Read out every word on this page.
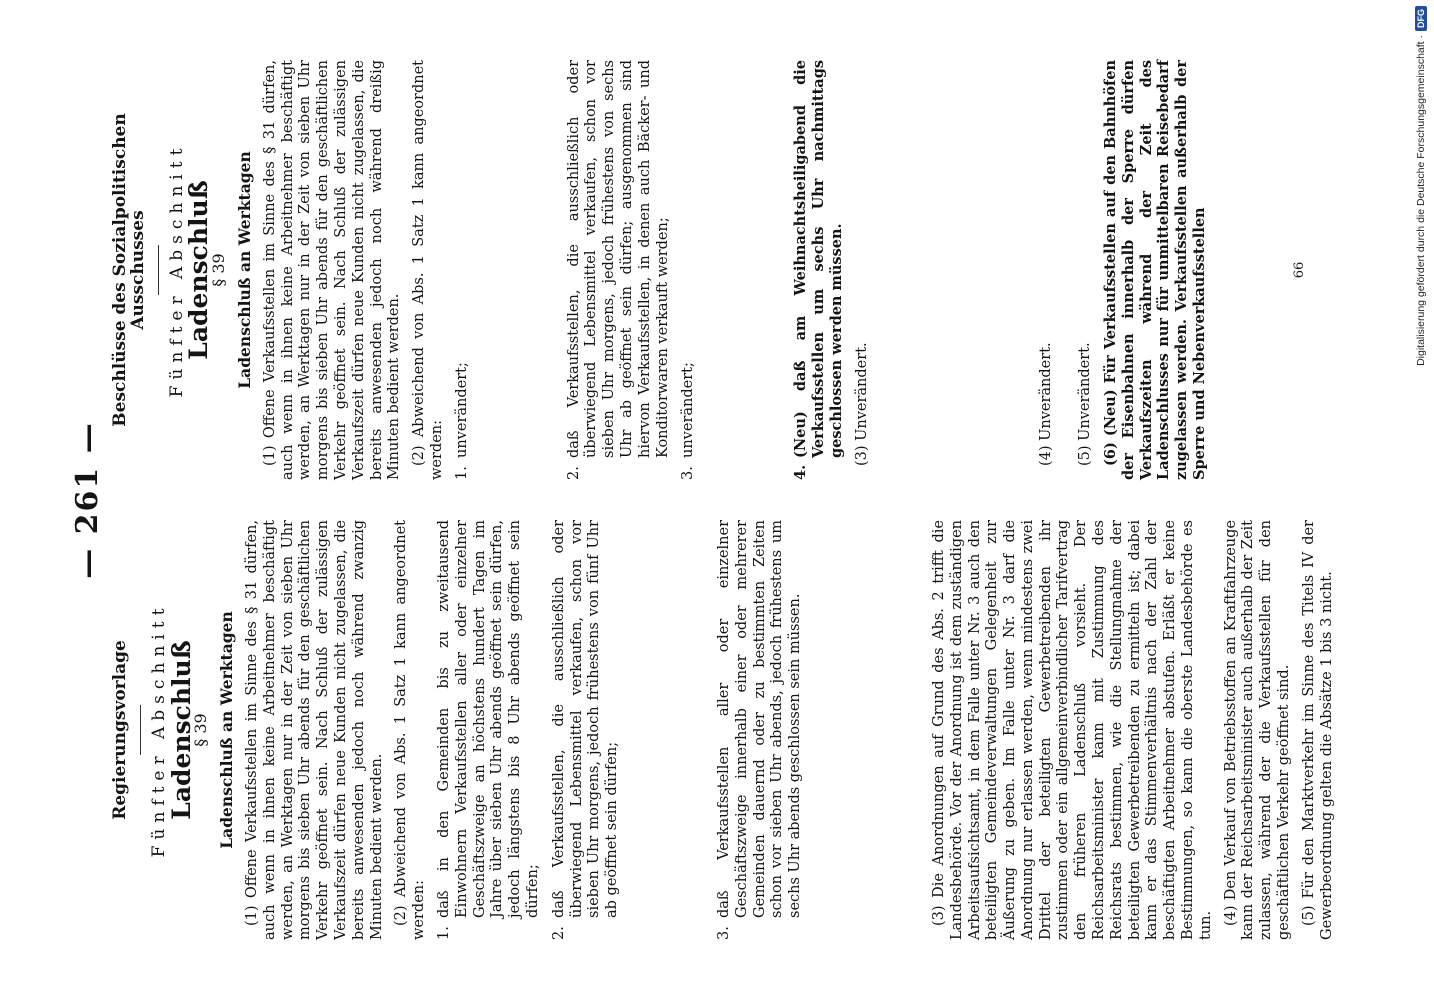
— 261 —
Regierungsvorlage Fünfter Abschnitt
Ladenschluß
§ 39 Ladenschluß an Werktagen (1) Offene Verkaufsstellen im Sinne des § 31 dürfen, auch wenn in ihnen keine Arbeitnehmer beschäftigt werden, an Werktagen nur in der Zeit von sieben Uhr morgens bis sieben Uhr abends für den geschäftlichen Verkehr geöffnet sein. Nach Schluß der zulässigen Verkaufszeit dürfen neue Kunden nicht zugelassen, die bereits anwesenden jedoch noch während zwanzig Minuten bedient werden. (2) Abweichend von Abs. 1 Satz 1 kann angeordnet werden: 1.
daß in den Gemeinden bis zu zweitausend Einwohnern Verkaufsstellen aller oder einzelner Geschäftszweige an höchstens hundert Tagen im Jahre über sieben Uhr abends geöffnet sein dürfen, jedoch längstens bis 8 Uhr abends geöffnet sein dürfen;
2.
daß Verkaufsstellen, die ausschließlich oder überwiegend Lebensmittel verkaufen, schon vor sieben Uhr morgens, jedoch frühestens von fünf Uhr ab geöffnet sein dürfen;
3.
daß Verkaufsstellen aller oder einzelner Geschäftszweige innerhalb einer oder mehrerer Gemeinden dauernd oder zu bestimmten Zeiten schon vor sieben Uhr abends, jedoch frühestens um sechs Uhr abends geschlossen sein müssen.	(3) Die Anordnungen auf Grund des Abs. 2 trifft die Landesbehörde. Vor der Anordnung ist dem zuständigen Arbeitsaufsichtsamt, in dem Falle unter Nr. 3 auch den beteiligten Gemeindeverwaltungen Gelegenheit zur Äußerung zu geben. Im Falle unter Nr. 3 darf die Anordnung nur erlassen werden, wenn mindestens zwei Drittel der beteiligten Gewerbetreibenden ihr zustimmen oder ein allgemeinverbindlicher Tarifvertrag den früheren Ladenschluß vorsieht. Der Reichsarbeitsminister kann mit Zustimmung des Reichsrats bestimmen, wie die Stellungnahme der beteiligten Gewerbetreibenden zu ermitteln ist; dabei kann er das Stimmenverhältnis nach der Zahl der beschäftigten Arbeitnehmer abstufen. Erläßt er keine Bestimmungen, so kann die oberste Landesbehörde es tun. (4) Den Verkauf von Betriebsstoffen an Kraftfahrzeuge kann der Reichsarbeitsminister auch außerhalb der Zeit zulassen, während der die Verkaufsstellen für den geschäftlichen Verkehr geöffnet sind. (5) Für den Marktverkehr im Sinne des Titels IV der Gewerbeordnung gelten die Absätze 1 bis 3 nicht.

Beschlüsse des Sozialpolitischen Ausschusses Fünfter Abschnitt
Ladenschluß
§ 39 Ladenschluß an Werktagen (1) Offene Verkaufsstellen im Sinne des § 31 dürfen, auch wenn in ihnen keine Arbeitnehmer beschäftigt werden, an Werktagen nur in der Zeit von sieben Uhr morgens bis sieben Uhr abends für den geschäftlichen Verkehr geöffnet sein. Nach Schluß der zulässigen Verkaufszeit dürfen neue Kunden nicht zugelassen, die bereits anwesenden jedoch noch während dreißig Minuten bedient werden. (2) Abweichend von Abs. 1 Satz 1 kann angeordnet werden: 1.
unverändert;
2.
daß Verkaufsstellen, die ausschließlich oder überwiegend Lebensmittel verkaufen, schon vor sieben Uhr morgens, jedoch frühestens von sechs Uhr ab geöffnet sein dürfen; ausgenommen sind hiervon Verkaufsstellen, in denen auch Bäcker- und Konditorwaren verkauft werden;
3.
unverändert;
4.
(Neu) daß am Weihnachtsheiligabend die Verkaufsstellen um sechs Uhr nachmittags geschlossen werden müssen. (3) Unverändert.	(4) Unverändert. (5) Unverändert. (6) (Neu) Für Verkaufsstellen auf den Bahnhöfen der Eisenbahnen innerhalb der Sperre dürfen Verkaufszeiten während der Zeit des Ladenschlusses nur für unmittelbaren Reisebedarf zugelassen werden. Verkaufsstellen außerhalb der Sperre und Nebenverkaufsstellen	66	Digitalisierung gefördert durch die Deutsche Forschungsgemeinschaft ·
DFG
